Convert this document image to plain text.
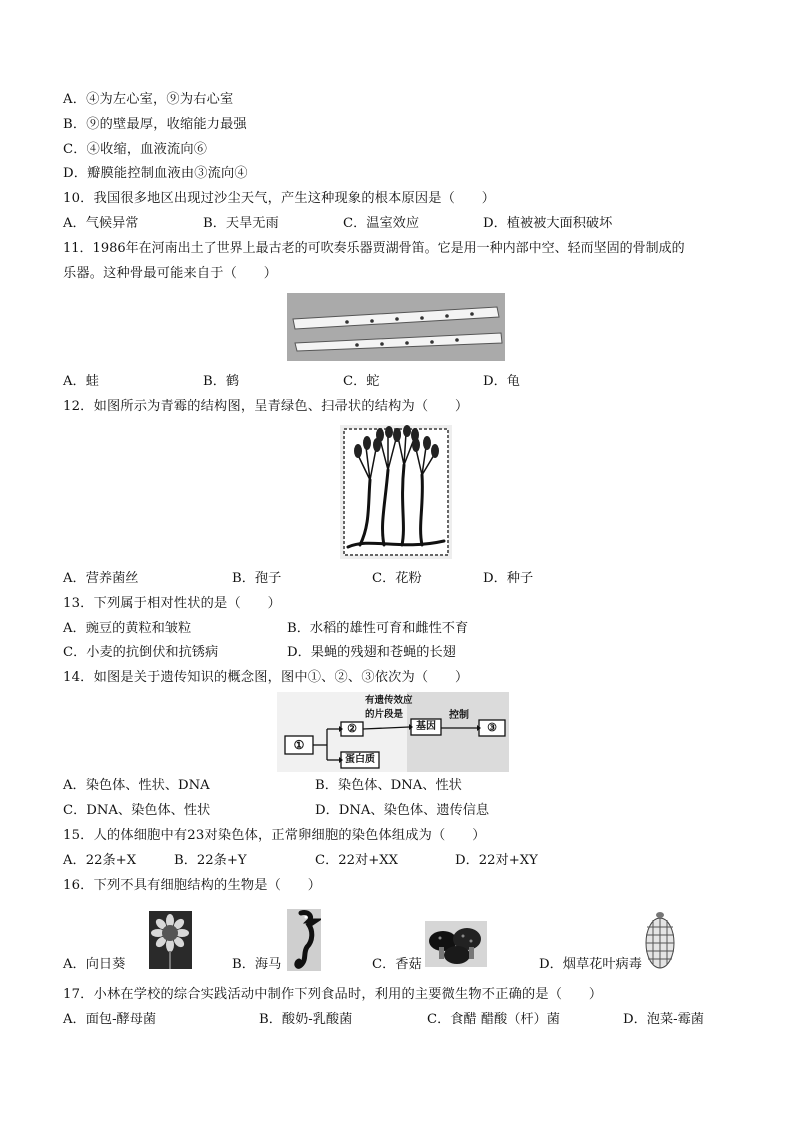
A．④为左心室，⑨为右心室
B．⑨的壁最厚，收缩能力最强
C．④收缩，血液流向⑥
D．瓣膜能控制血液由③流向④
10．我国很多地区出现过沙尘天气，产生这种现象的根本原因是（　　）
A．气候异常	B．天旱无雨	C．温室效应	D．植被被大面积破坏
11．1986年在河南出土了世界上最古老的可吹奏乐器贾湖骨笛。它是用一种内部中空、轻而坚固的骨制成的
乐器。这种骨最可能来自于（　　）
A．蛙	B．鹤	C．蛇	D．龟
12．如图所示为青霉的结构图，呈青绿色、扫帚状的结构为（　　）
A．营养菌丝	B．孢子	C．花粉	D．种子
13．下列属于相对性状的是（　　）
A．豌豆的黄粒和皱粒	B．水稻的雄性可育和雌性不育
C．小麦的抗倒伏和抗锈病	D．果蝇的残翅和苍蝇的长翅
14．如图是关于遗传知识的概念图，图中①、②、③依次为（　　）
①
②
蛋白质
有遗传效应
的片段是
基因
控制
③
A．染色体、性状、DNA	B．染色体、DNA、性状
C．DNA、染色体、性状	D．DNA、染色体、遗传信息
15．人的体细胞中有23对染色体，正常卵细胞的染色体组成为（　　）
A．22条+X	B．22条+Y	C．22对+XX	D．22对+XY
16．下列不具有细胞结构的生物是（　　）
A．向日葵	B．海马	C．香菇	D．烟草花叶病毒
17．小林在学校的综合实践活动中制作下列食品时，利用的主要微生物不正确的是（　　）
A．面包-酵母菌	B．酸奶-乳酸菌	C．食醋 醋酸（杆）菌	D．泡菜-霉菌
